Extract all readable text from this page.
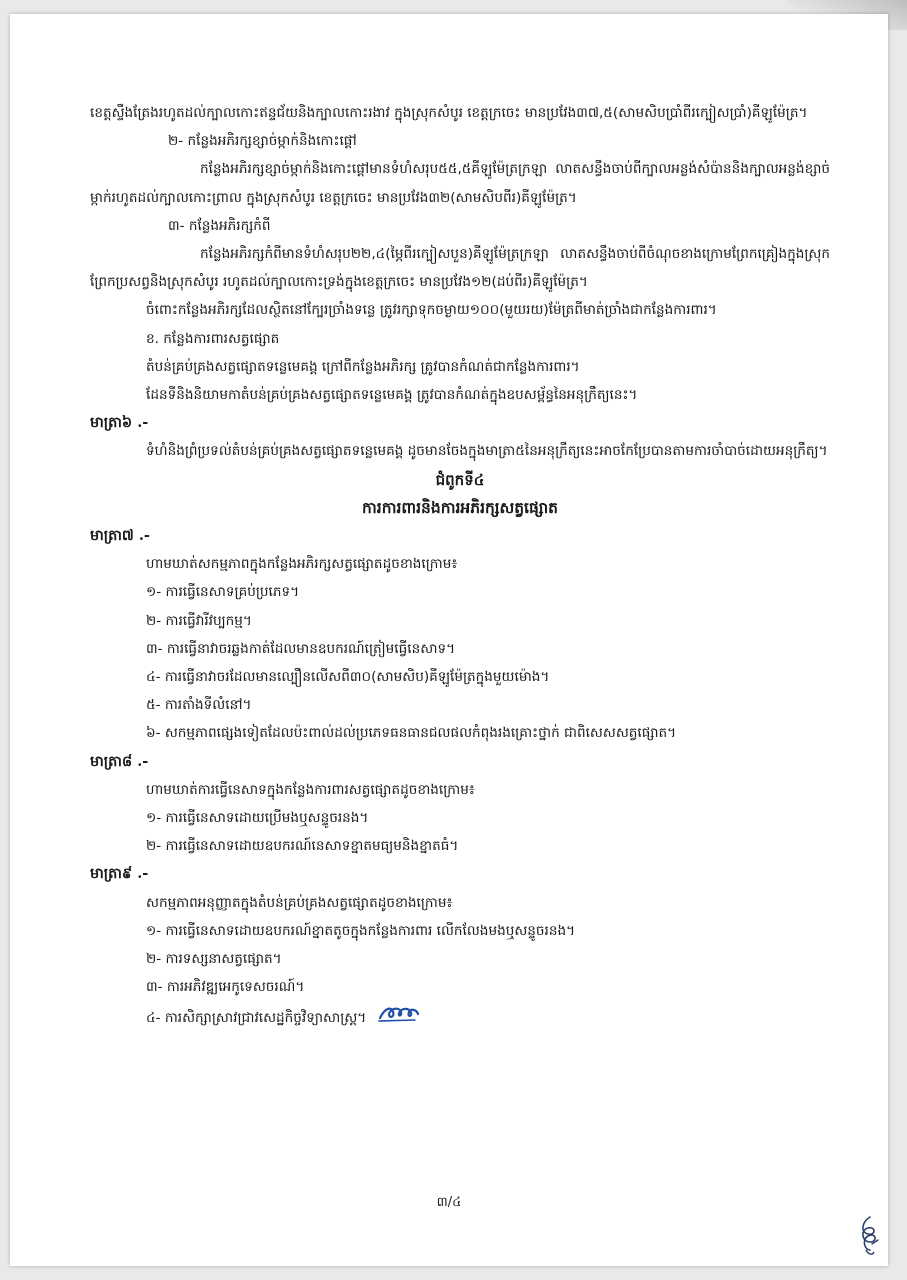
ខេត្តស្ទឹងត្រែងរហូតដល់ក្បាលកោះឥន្ទជ័យនិងក្បាលកោះរងាវ ក្នុងស្រុកសំបូរ ខេត្តក្រចេះ មានប្រវែង៣៧,៥(សាមសិបប្រាំពីរក្បៀសប្រាំ)គីឡូម៉ែត្រ។

២- កន្លែងអភិរក្សខ្សាច់ម្កាក់និងកោះផ្ដៅ

កន្លែងអភិរក្សខ្សាច់ម្កាក់និងកោះផ្ដៅមានទំហំសរុប៥៥,៥គីឡូម៉ែត្រក្រឡា លាតសន្ធឹងចាប់ពីក្បាលអន្លង់សំប៉ាននិងក្បាលអន្លង់ខ្សាច់ម្កាក់រហូតដល់ក្បាលកោះព្រាល ក្នុងស្រុកសំបូរ ខេត្តក្រចេះ មានប្រវែង៣២(សាមសិបពីរ)គីឡូម៉ែត្រ។

៣- កន្លែងអភិរក្សកំពី

កន្លែងអភិរក្សកំពីមានទំហំសរុប២២,៤(ម្ភៃពីរក្បៀសបួន)គីឡូម៉ែត្រក្រឡា លាតសន្ធឹងចាប់ពីចំណុចខាងក្រោមព្រែកគ្រៀងក្នុងស្រុកព្រែកប្រសព្វនិងស្រុកសំបូរ រហូតដល់ក្បាលកោះទ្រង់ក្នុងខេត្តក្រចេះ មានប្រវែង១២(ដប់ពីរ)គីឡូម៉ែត្រ។

ចំពោះកន្លែងអភិរក្សដែលស្ថិតនៅក្បែរច្រាំងទន្លេ ត្រូវរក្សាទុកចម្ងាយ១០០(មួយរយ)ម៉ែត្រពីមាត់ច្រាំងជាកន្លែងការពារ។

ខ. កន្លែងការពារសត្វផ្សោត

តំបន់គ្រប់គ្រងសត្វផ្សោតទន្លេមេគង្គ ក្រៅពីកន្លែងអភិរក្ស ត្រូវបានកំណត់ជាកន្លែងការពារ។

ដែនទីនិងនិយាមកាតំបន់គ្រប់គ្រងសត្វផ្សោតទន្លេមេគង្គ ត្រូវបានកំណត់ក្នុងឧបសម្ព័ន្ធនៃអនុក្រឹត្យនេះ។

មាត្រា៦ .-

ទំហំនិងព្រំប្រទល់តំបន់គ្រប់គ្រងសត្វផ្សោតទន្លេមេគង្គ ដូចមានចែងក្នុងមាត្រា៥នៃអនុក្រឹត្យនេះអាចកែប្រែបានតាមការចាំបាច់ដោយអនុក្រឹត្យ។

ជំពូកទី៤

ការការពារនិងការអភិរក្សសត្វផ្សោត

មាត្រា៧ .-

ហាមឃាត់សកម្មភាពក្នុងកន្លែងអភិរក្សសត្វផ្សោតដូចខាងក្រោម៖

១- ការធ្វើនេសាទគ្រប់ប្រភេទ។

២- ការធ្វើវារីវប្បកម្ម។

៣- ការធ្វើនាវាចរឆ្លងកាត់ដែលមានឧបករណ៍ត្រៀមធ្វើនេសាទ។

៤- ការធ្វើនាវាចរដែលមានល្បឿនលើសពី៣០(សាមសិប)គីឡូម៉ែត្រក្នុងមួយម៉ោង។

៥- ការតាំងទីលំនៅ។

៦- សកម្មភាពផ្សេងទៀតដែលប៉ះពាល់ដល់ប្រភេទធនធានជលផលកំពុងរងគ្រោះថ្នាក់ ជាពិសេសសត្វផ្សោត។

មាត្រា៨ .-

ហាមឃាត់ការធ្វើនេសាទក្នុងកន្លែងការពារសត្វផ្សោតដូចខាងក្រោម៖

១- ការធ្វើនេសាទដោយប្រើមងឬសន្ទូចរនង។

២- ការធ្វើនេសាទដោយឧបករណ៍នេសាទខ្នាតមធ្យមនិងខ្នាតធំ។

មាត្រា៩ .-

សកម្មភាពអនុញ្ញាតក្នុងតំបន់គ្រប់គ្រងសត្វផ្សោតដូចខាងក្រោម៖

១- ការធ្វើនេសាទដោយឧបករណ៍ខ្នាតតូចក្នុងកន្លែងការពារ លើកលែងមងឬសន្ទូចរនង។

២- ការទស្សនាសត្វផ្សោត។

៣- ការអភិវឌ្ឍអេកូទេសចរណ៍។

៤- ការសិក្សាស្រាវជ្រាវសេដ្ឋកិច្ចវិទ្យាសាស្ត្រ។

៣/៤
